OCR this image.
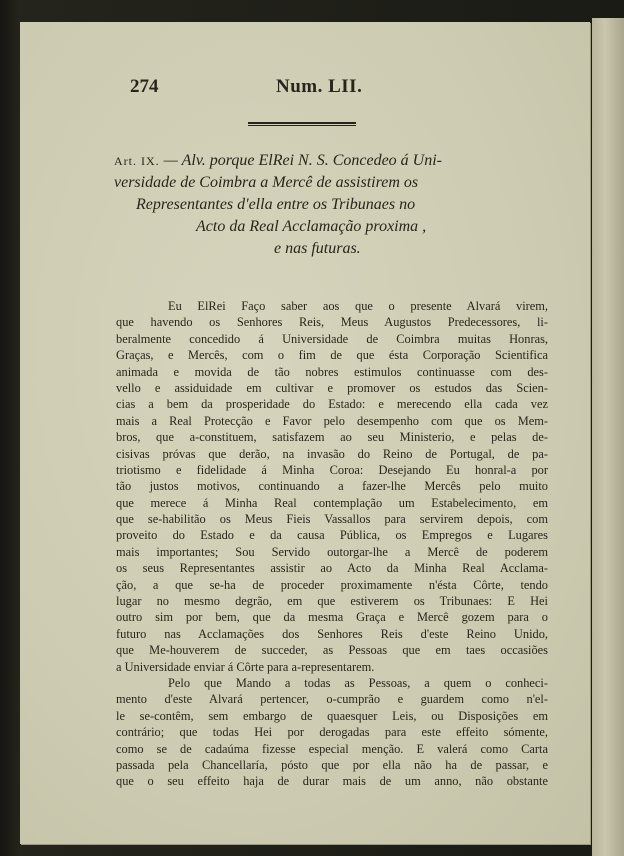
274	Num. LII.
Art. IX. — Alv. porque ElRei N. S. Concedeo á Uni-
versidade de Coimbra a Mercê de assistirem os
Representantes d'ella entre os Tribunaes no
Acto da Real Acclamação proxima ,
e nas futuras.
Eu ElRei Faço saber aos que o presente Alvará virem,
que havendo os Senhores Reis, Meus Augustos Predecessores, li-
beralmente concedido á Universidade de Coimbra muitas Honras,
Graças, e Mercês, com o fim de que ésta Corporação Scientifica
animada e movida de tão nobres estimulos continuasse com des-
vello e assiduidade em cultivar e promover os estudos das Scien-
cias a bem da prosperidade do Estado: e merecendo ella cada vez
mais a Real Protecção e Favor pelo desempenho com que os Mem-
bros, que a-constituem, satisfazem ao seu Ministerio, e pelas de-
cisivas próvas que derão, na invasão do Reino de Portugal, de pa-
triotismo e fidelidade á Minha Coroa: Desejando Eu honral-a por
tão justos motivos, continuando a fazer-lhe Mercês pelo muito
que merece á Minha Real contemplação um Estabelecimento, em
que se-habilitão os Meus Fieis Vassallos para servirem depois, com
proveito do Estado e da causa Pública, os Empregos e Lugares
mais importantes; Sou Servido outorgar-lhe a Mercê de poderem
os seus Representantes assistir ao Acto da Minha Real Acclama-
ção, a que se-ha de proceder proximamente n'ésta Côrte, tendo
lugar no mesmo degrão, em que estiverem os Tribunaes: E Hei
outro sim por bem, que da mesma Graça e Mercê gozem para o
futuro nas Acclamações dos Senhores Reis d'este Reino Unido,
que Me-houverem de succeder, as Pessoas que em taes occasiões
a Universidade enviar á Côrte para a-representarem.
Pelo que Mando a todas as Pessoas, a quem o conheci-
mento d'este Alvará pertencer, o-cumprão e guardem como n'el-
le se-contêm, sem embargo de quaesquer Leis, ou Disposições em
contrário; que todas Hei por derogadas para este effeito sómente,
como se de cadaúma fizesse especial menção. E valerá como Carta
passada pela Chancellaría, pósto que por ella não ha de passar, e
que o seu effeito haja de durar mais de um anno, não obstante
